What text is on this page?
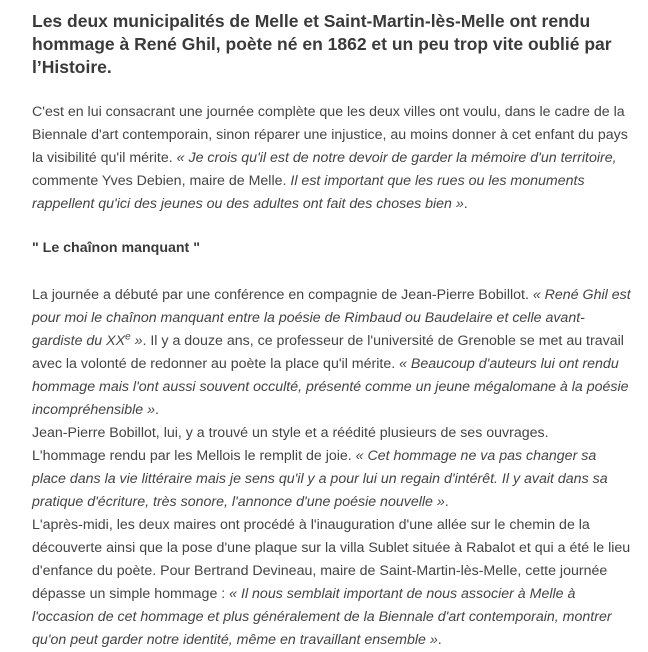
Les deux municipalités de Melle et Saint-Martin-lès-Melle ont rendu hommage à René Ghil, poète né en 1862 et un peu trop vite oublié par l’Histoire.

C'est en lui consacrant une journée complète que les deux villes ont voulu, dans le cadre de la Biennale d'art contemporain, sinon réparer une injustice, au moins donner à cet enfant du pays la visibilité qu'il mérite. « Je crois qu'il est de notre devoir de garder la mémoire d'un territoire, commente Yves Debien, maire de Melle. Il est important que les rues ou les monuments rappellent qu'ici des jeunes ou des adultes ont fait des choses bien ».

" Le chaînon manquant "

La journée a débuté par une conférence en compagnie de Jean-Pierre Bobillot. « René Ghil est pour moi le chaînon manquant entre la poésie de Rimbaud ou Baudelaire et celle avant-gardiste du XXe ». Il y a douze ans, ce professeur de l'université de Grenoble se met au travail avec la volonté de redonner au poète la place qu'il mérite. « Beaucoup d'auteurs lui ont rendu hommage mais l'ont aussi souvent occulté, présenté comme un jeune mégalomane à la poésie incompréhensible ».
Jean-Pierre Bobillot, lui, y a trouvé un style et a réédité plusieurs de ses ouvrages.
L'hommage rendu par les Mellois le remplit de joie. « Cet hommage ne va pas changer sa place dans la vie littéraire mais je sens qu'il y a pour lui un regain d'intérêt. Il y avait dans sa pratique d'écriture, très sonore, l'annonce d'une poésie nouvelle ».
L'après-midi, les deux maires ont procédé à l'inauguration d'une allée sur le chemin de la découverte ainsi que la pose d'une plaque sur la villa Sublet située à Rabalot et qui a été le lieu d'enfance du poète. Pour Bertrand Devineau, maire de Saint-Martin-lès-Melle, cette journée dépasse un simple hommage : « Il nous semblait important de nous associer à Melle à l'occasion de cet hommage et plus généralement de la Biennale d'art contemporain, montrer qu'on peut garder notre identité, même en travaillant ensemble ».
